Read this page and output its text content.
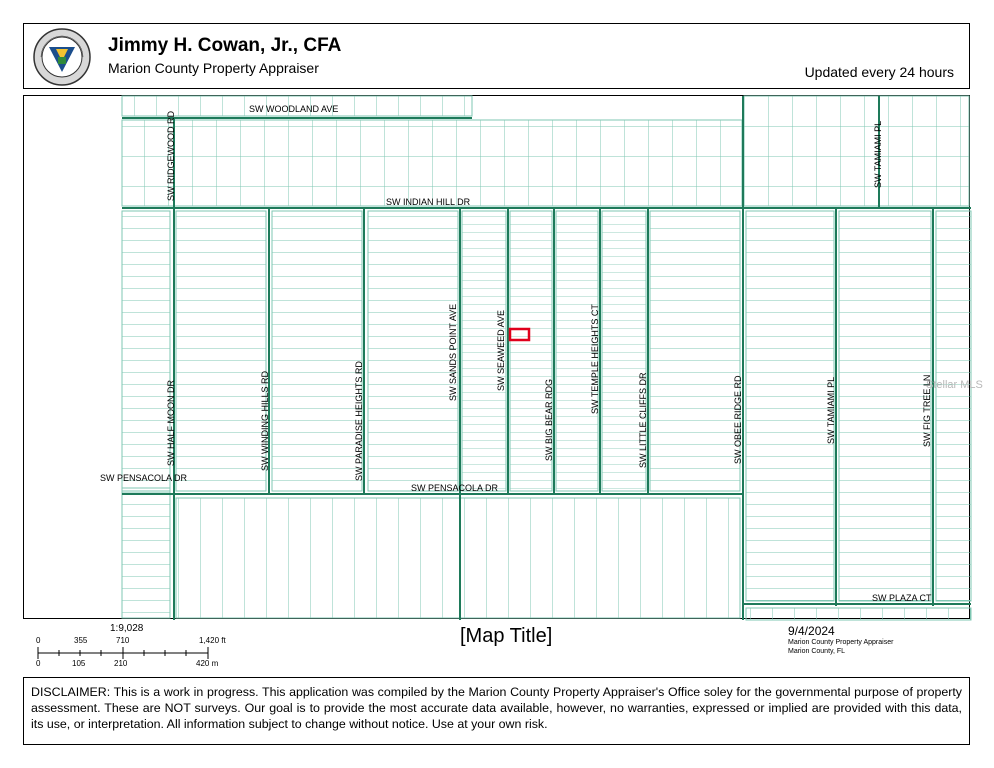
Jimmy H. Cowan, Jr., CFA
Marion County Property Appraiser	Updated every 24 hours
SW WOODLAND AVE
SW RIDGEWOOD RD
SW INDIAN HILL DR
SW TAMIAMI PL
SW HALF MOON DR	SW WINDING HILLS RD	SW PARADISE HEIGHTS RD
SW SANDS POINT AVE	SW SEAWEED AVE
SW BIG BEAR RDG
SW TEMPLE HEIGHTS CT
SW LITTLE CLIFFS DR	SW OBEE RIDGE RD	SW TAMIAMI PL	SW FIG TREE LN
SW PENSACOLA DR
SW PENSACOLA DR
SW PLAZA CT
Stellar MLS
1:9,028
0	355	710	1,420 ft
0	105	210	420 m
[Map Title]	9/4/2024
Marion County Property Appraiser
Marion County, FL
DISCLAIMER: This is a work in progress. This application was compiled by the Marion County Property Appraiser's Office soley for the governmental purpose of property assessment. These are NOT surveys. Our goal is to provide the most accurate data available, however, no warranties, expressed or implied are provided with this data, its use, or interpretation. All information subject to change without notice. Use at your own risk.
